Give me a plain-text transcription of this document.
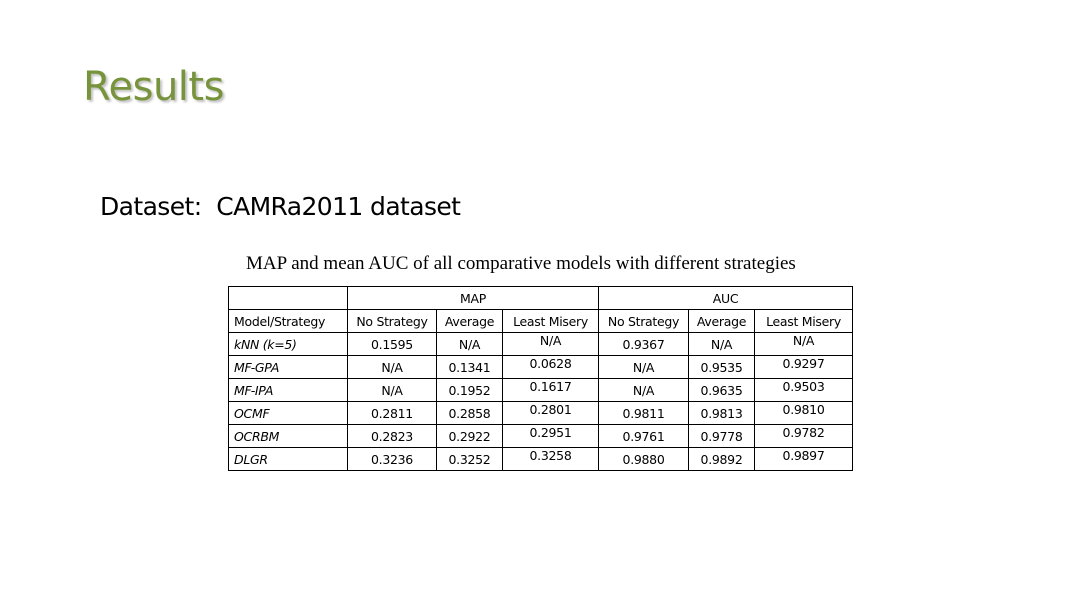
Results
Dataset:  CAMRa2011 dataset
MAP and mean AUC of all comparative models with different strategies
	MAP			AUC		
Model/Strategy	No Strategy	Average	Least Misery	No Strategy	Average	Least Misery
kNN (k=5)	0.1595	N/A	N/A	0.9367	N/A	N/A
MF-GPA	N/A	0.1341	0.0628	N/A	0.9535	0.9297
MF-IPA	N/A	0.1952	0.1617	N/A	0.9635	0.9503
OCMF	0.2811	0.2858	0.2801	0.9811	0.9813	0.9810
OCRBM	0.2823	0.2922	0.2951	0.9761	0.9778	0.9782
DLGR	0.3236	0.3252	0.3258	0.9880	0.9892	0.9897
